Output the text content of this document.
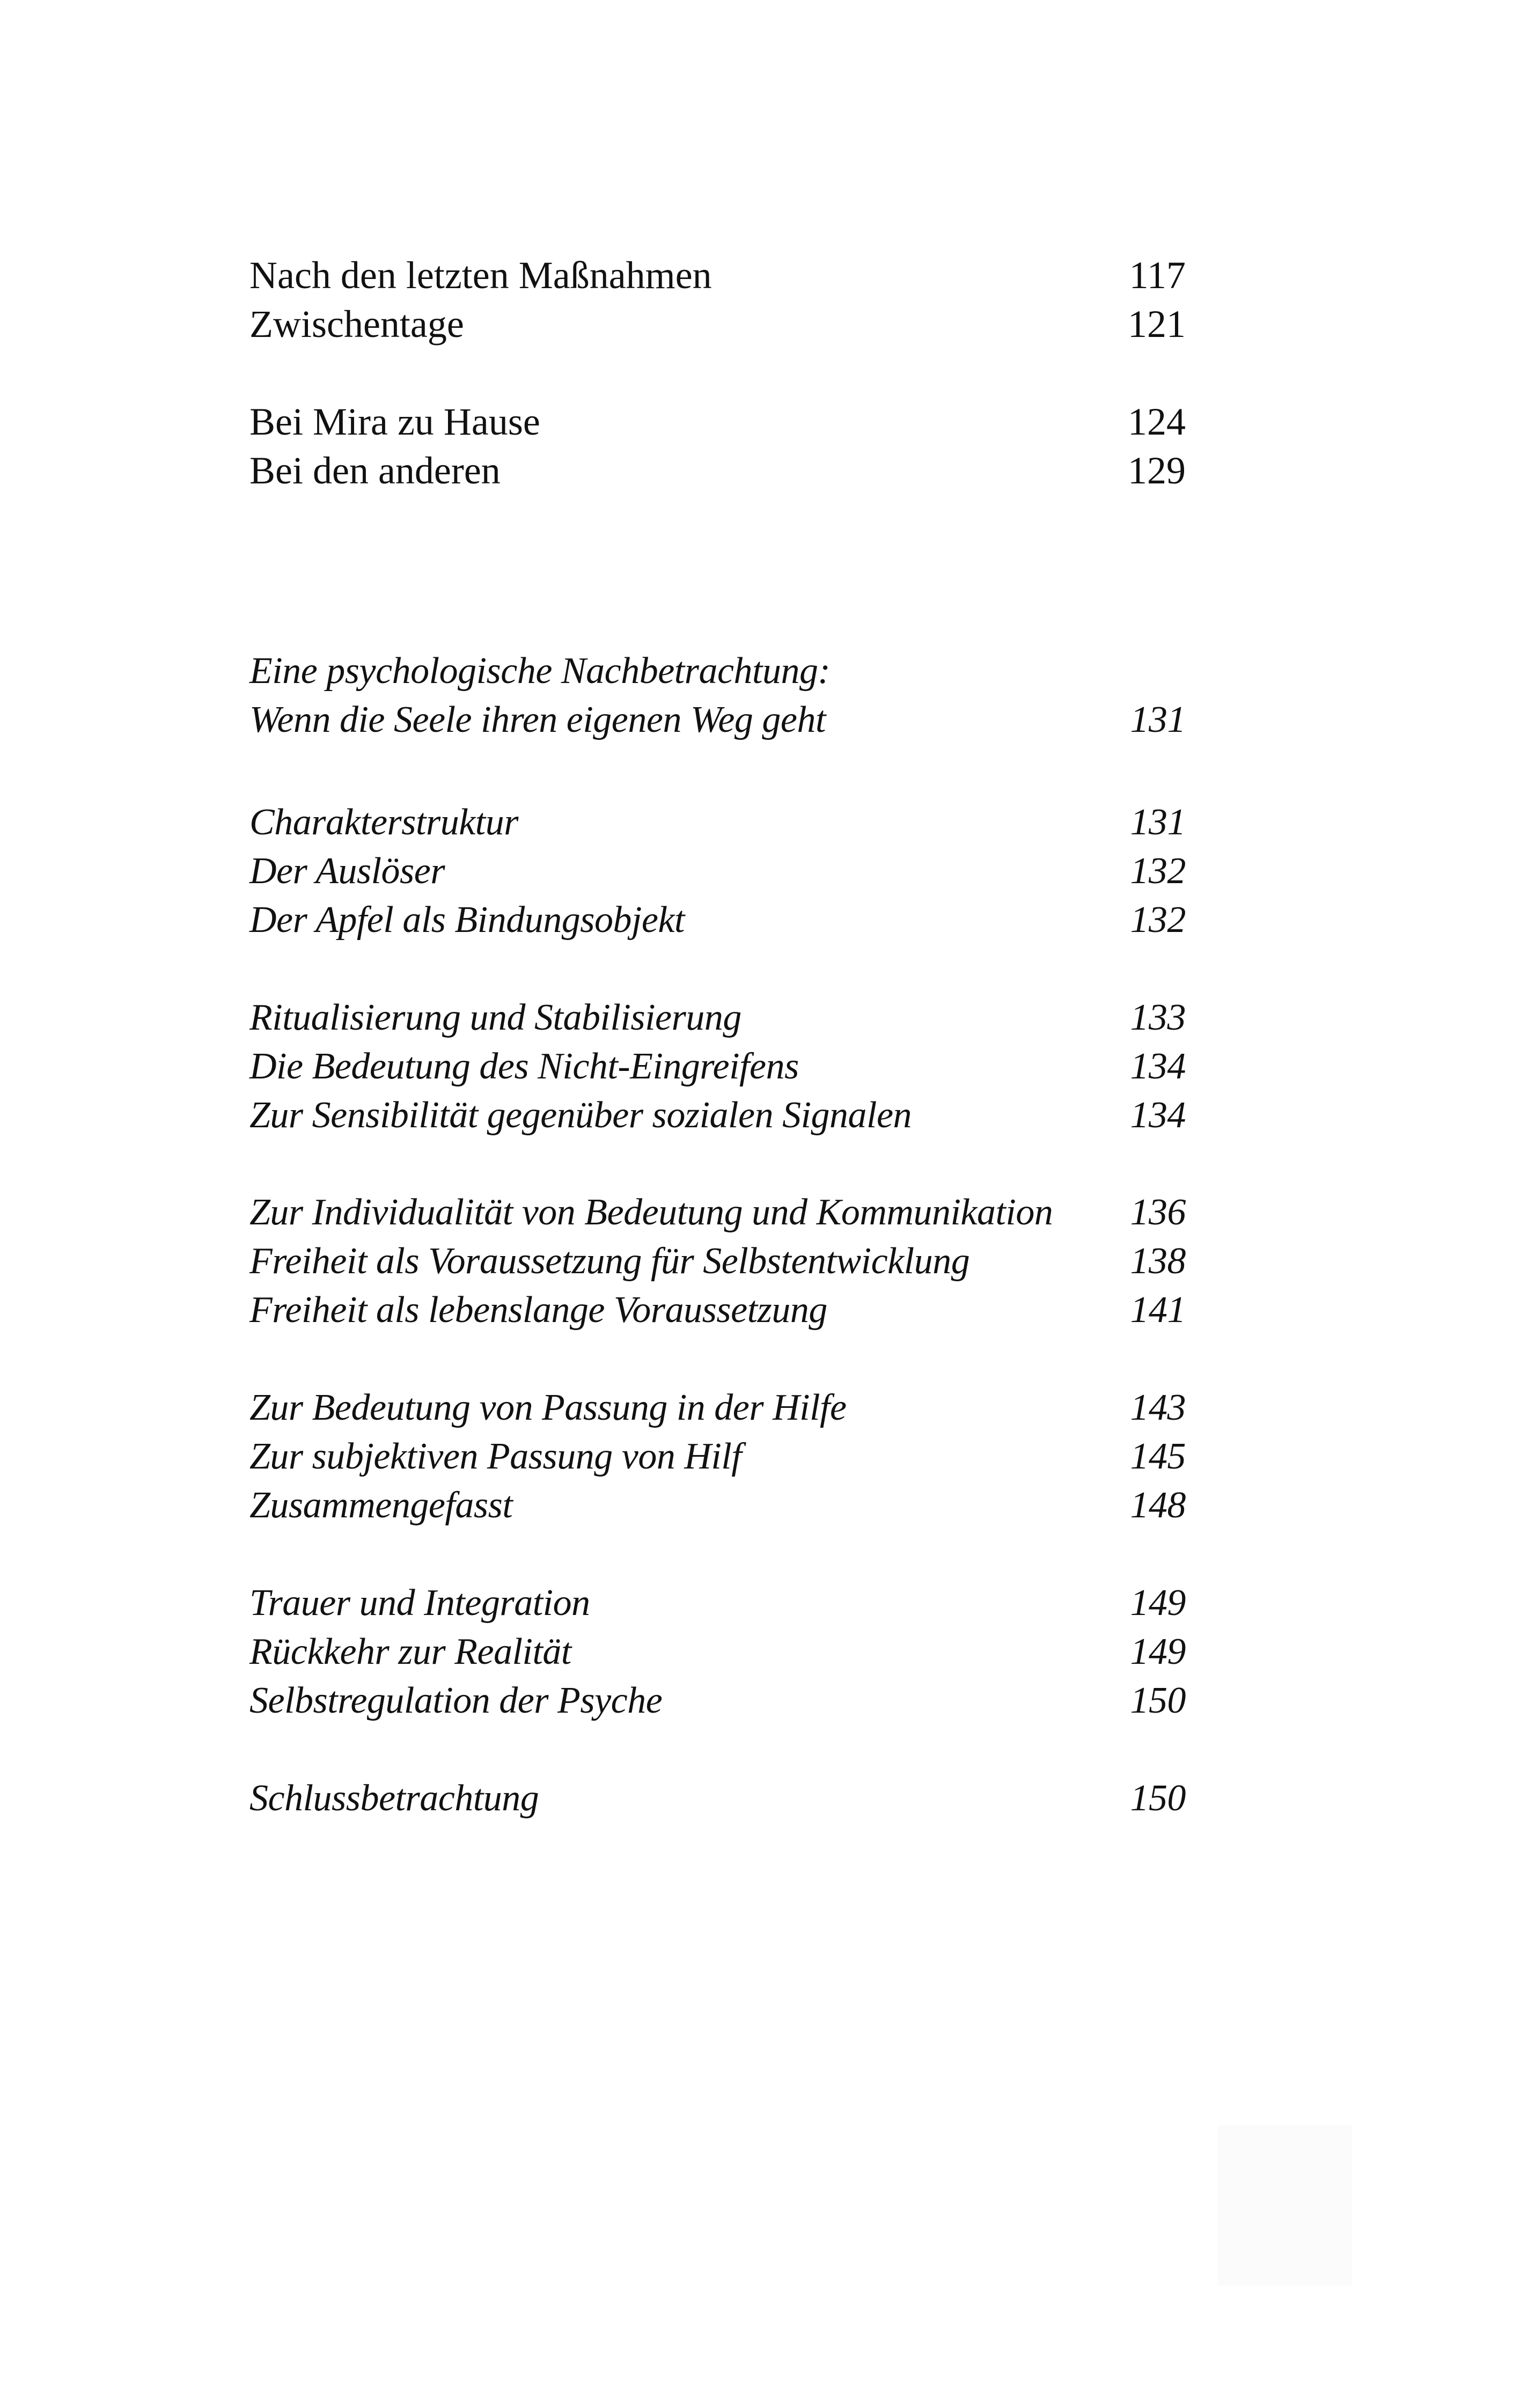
Nach den letzten Maßnahmen	117
Zwischentage	121
Bei Mira zu Hause	124
Bei den anderen	129
Eine psychologische Nachbetrachtung:
Wenn die Seele ihren eigenen Weg geht	131
Charakterstruktur	131
Der Auslöser	132
Der Apfel als Bindungsobjekt	132
Ritualisierung und Stabilisierung	133
Die Bedeutung des Nicht-Eingreifens	134
Zur Sensibilität gegenüber sozialen Signalen	134
Zur Individualität von Bedeutung und Kommunikation 136
Freiheit als Voraussetzung für Selbstentwicklung	138
Freiheit als lebenslange Voraussetzung	141
Zur Bedeutung von Passung in der Hilfe	143
Zur subjektiven Passung von Hilf	145
Zusammengefasst	148
Trauer und Integration	149
Rückkehr zur Realität	149
Selbstregulation der Psyche	150
Schlussbetrachtung	150
